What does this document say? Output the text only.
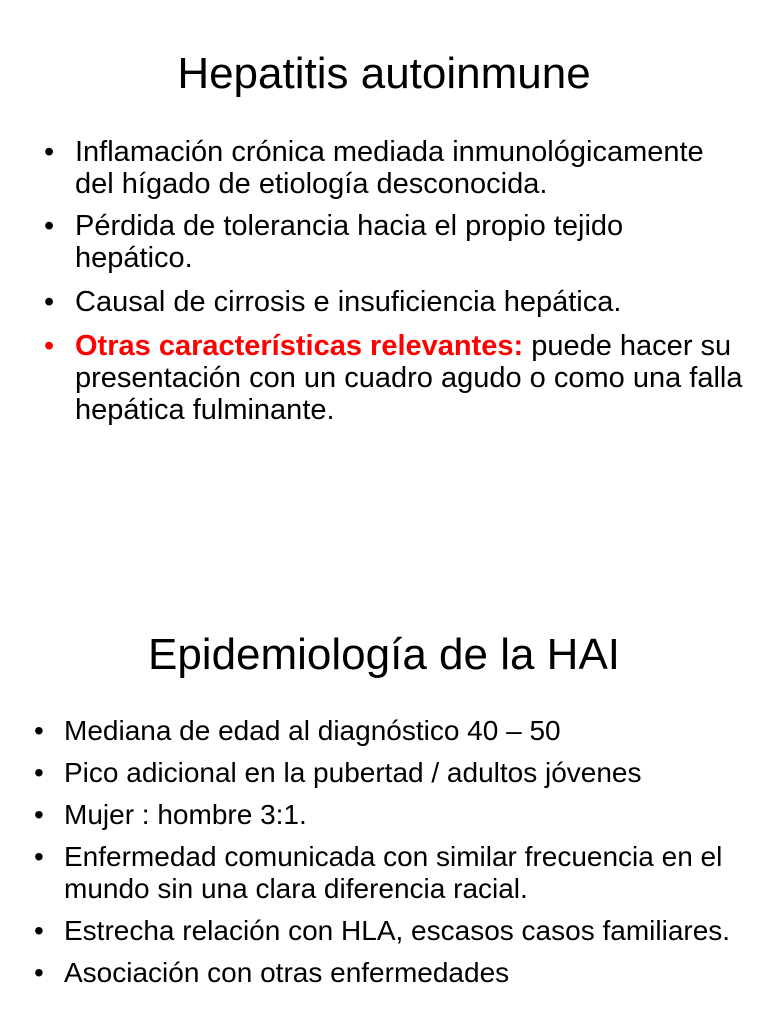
Hepatitis autoinmune
• Inflamación crónica mediada inmunológicamente del hígado de etiología desconocida.
• Pérdida de tolerancia hacia el propio tejido hepático.
• Causal de cirrosis e insuficiencia hepática.
• Otras características relevantes: puede hacer su presentación con un cuadro agudo o como una falla hepática fulminante.
Epidemiología de la HAI
• Mediana de edad al diagnóstico 40 – 50
• Pico adicional en la pubertad / adultos jóvenes
• Mujer : hombre 3:1.
• Enfermedad comunicada con similar frecuencia en el mundo sin una clara diferencia racial.
• Estrecha relación con HLA, escasos casos familiares.
• Asociación con otras enfermedades
